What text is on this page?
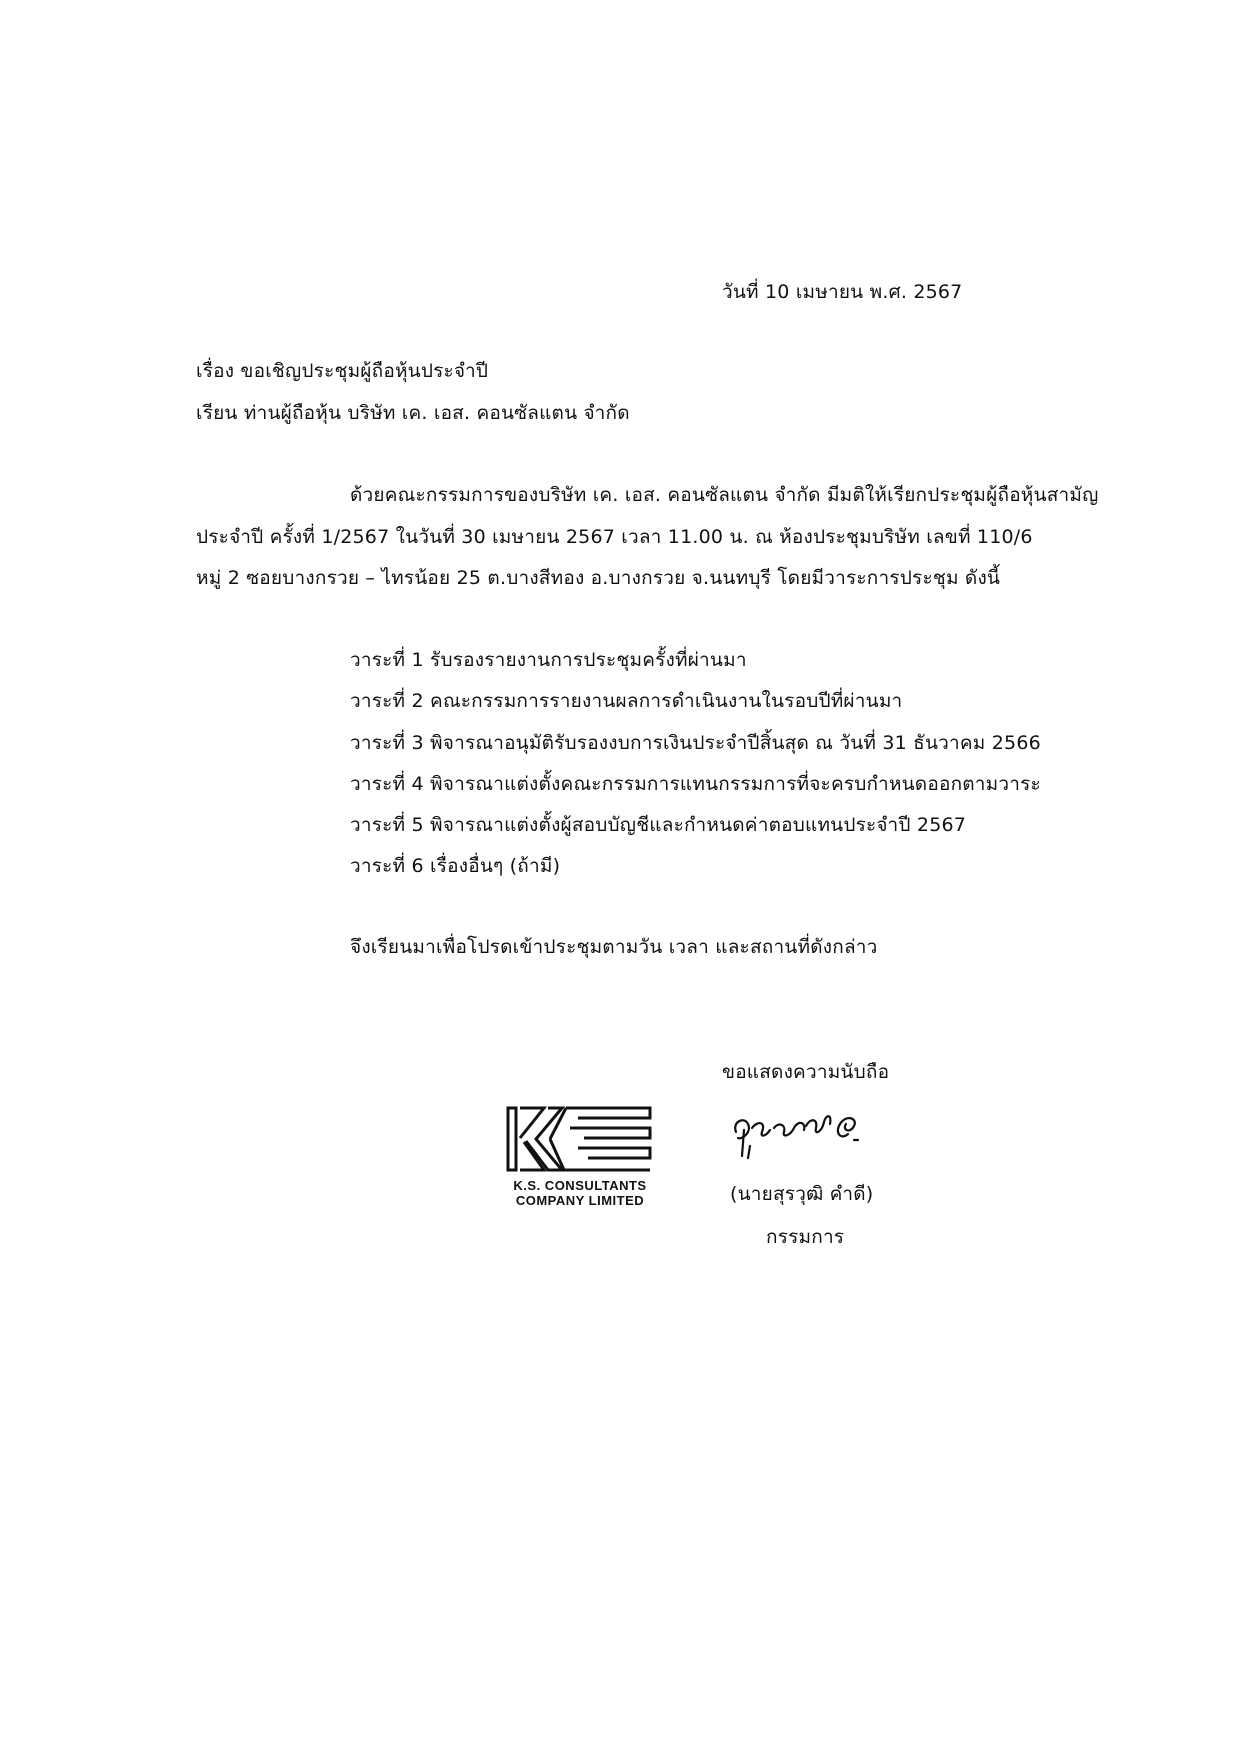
วันที่ 10 เมษายน พ.ศ. 2567
เรื่อง ขอเชิญประชุมผู้ถือหุ้นประจำปี
เรียน ท่านผู้ถือหุ้น บริษัท เค. เอส. คอนซัลแตน จำกัด
ด้วยคณะกรรมการของบริษัท เค. เอส. คอนซัลแตน จำกัด มีมติให้เรียกประชุมผู้ถือหุ้นสามัญ
ประจำปี ครั้งที่ 1/2567 ในวันที่ 30 เมษายน 2567 เวลา 11.00 น. ณ ห้องประชุมบริษัท เลขที่ 110/6
หมู่ 2 ซอยบางกรวย – ไทรน้อย 25 ต.บางสีทอง อ.บางกรวย จ.นนทบุรี โดยมีวาระการประชุม ดังนี้
วาระที่ 1 รับรองรายงานการประชุมครั้งที่ผ่านมา
วาระที่ 2 คณะกรรมการรายงานผลการดำเนินงานในรอบปีที่ผ่านมา
วาระที่ 3 พิจารณาอนุมัติรับรองงบการเงินประจำปีสิ้นสุด ณ วันที่ 31 ธันวาคม 2566
วาระที่ 4 พิจารณาแต่งตั้งคณะกรรมการแทนกรรมการที่จะครบกำหนดออกตามวาระ
วาระที่ 5 พิจารณาแต่งตั้งผู้สอบบัญชีและกำหนดค่าตอบแทนประจำปี 2567
วาระที่ 6 เรื่องอื่นๆ (ถ้ามี)
จึงเรียนมาเพื่อโปรดเข้าประชุมตามวัน เวลา และสถานที่ดังกล่าว
ขอแสดงความนับถือ
K.S. CONSULTANTS
COMPANY LIMITED	(นายสุรวุฒิ คำดี)
กรรมการ
